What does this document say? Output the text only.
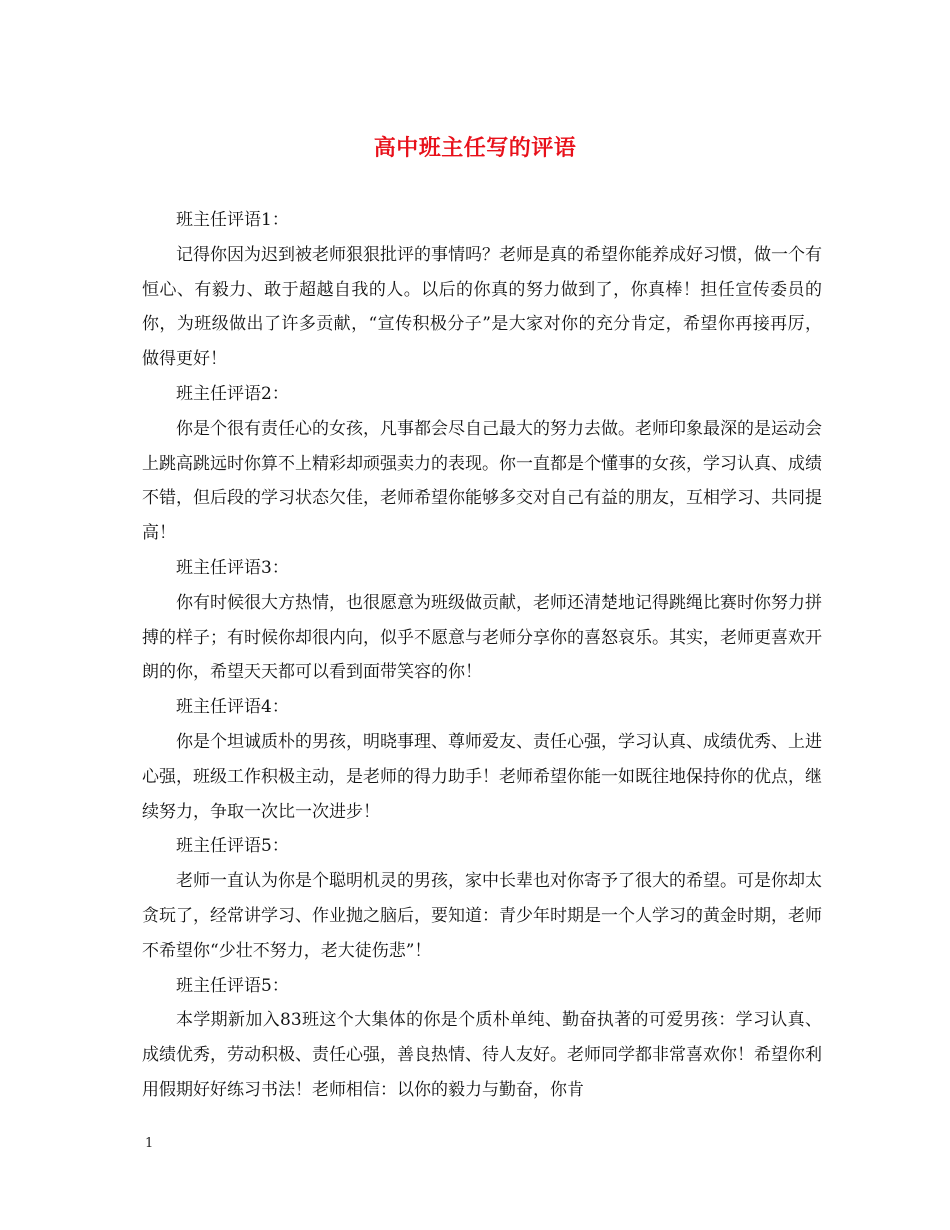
高中班主任写的评语

班主任评语1：

记得你因为迟到被老师狠狠批评的事情吗？老师是真的希望你能养成好习惯，做一个有恒心、有毅力、敢于超越自我的人。以后的你真的努力做到了，你真棒！担任宣传委员的你，为班级做出了许多贡献，“宣传积极分子”是大家对你的充分肯定，希望你再接再厉，做得更好！

班主任评语2：

你是个很有责任心的女孩，凡事都会尽自己最大的努力去做。老师印象最深的是运动会上跳高跳远时你算不上精彩却顽强卖力的表现。你一直都是个懂事的女孩，学习认真、成绩不错，但后段的学习状态欠佳，老师希望你能够多交对自己有益的朋友，互相学习、共同提高！

班主任评语3：

你有时候很大方热情，也很愿意为班级做贡献，老师还清楚地记得跳绳比赛时你努力拼搏的样子；有时候你却很内向，似乎不愿意与老师分享你的喜怒哀乐。其实，老师更喜欢开朗的你，希望天天都可以看到面带笑容的你！

班主任评语4：

你是个坦诚质朴的男孩，明晓事理、尊师爱友、责任心强，学习认真、成绩优秀、上进心强，班级工作积极主动，是老师的得力助手！老师希望你能一如既往地保持你的优点，继续努力，争取一次比一次进步！

班主任评语5：

老师一直认为你是个聪明机灵的男孩，家中长辈也对你寄予了很大的希望。可是你却太贪玩了，经常讲学习、作业抛之脑后，要知道：青少年时期是一个人学习的黄金时期，老师不希望你“少壮不努力，老大徒伤悲”！

班主任评语5：

本学期新加入83班这个大集体的你是个质朴单纯、勤奋执著的可爱男孩：学习认真、成绩优秀，劳动积极、责任心强，善良热情、待人友好。老师同学都非常喜欢你！希望你利用假期好好练习书法！老师相信：以你的毅力与勤奋，你肯

1
